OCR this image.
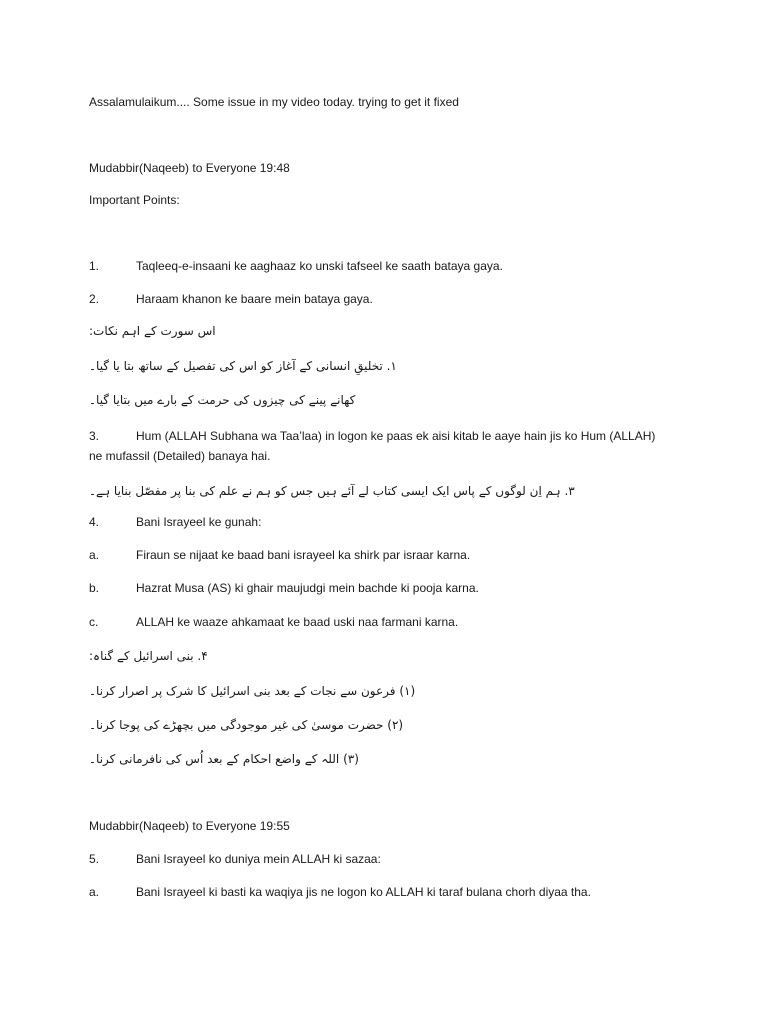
Assalamulaikum.... Some issue in my video today. trying to get it fixed
Mudabbir(Naqeeb) to Everyone 19:48
Important Points:
1.	Taqleeq-e-insaani ke aaghaaz ko unski tafseel ke saath bataya gaya.
2.	Haraam khanon ke baare mein bataya gaya.
اس سورت کے اہم نکات:
۱. تخلیقِ انسانی کے آغاز کو اس کی تفصیل کے ساتھ بتا یا گیا۔
کھانے پینے کی چیزوں کی حرمت کے بارے میں بتایا گیا۔
3.	Hum (ALLAH Subhana wa Taa’laa) in logon ke paas ek aisi kitab le aaye hain jis ko Hum (ALLAH)
ne mufassil (Detailed) banaya hai.
۳. ہم اِن لوگوں کے پاس ایک ایسی کتاب لے آئے ہیں جس کو ہم نے علم کی بنا پر مفصّل بنایا ہے۔
4.	Bani Israyeel ke gunah:
a.	Firaun se nijaat ke baad bani israyeel ka shirk par israar karna.
b.	Hazrat Musa (AS) ki ghair maujudgi mein bachde ki pooja karna.
c.	ALLAH ke waaze ahkamaat ke baad uski naa farmani karna.
۴. بنی اسرائیل کے گناہ:
(۱) فرعون سے نجات کے بعد بنی اسرائیل کا شرک پر اصرار کرنا۔
(۲) حضرت موسیٰ کی غیر موجودگی میں بچھڑے کی پوجا کرنا۔
(۳) اللہ کے واضع احکام کے بعد اُس کی نافرمانی کرنا۔
Mudabbir(Naqeeb) to Everyone 19:55
5.	Bani Israyeel ko duniya mein ALLAH ki sazaa:
a.	Bani Israyeel ki basti ka waqiya jis ne logon ko ALLAH ki taraf bulana chorh diyaa tha.
